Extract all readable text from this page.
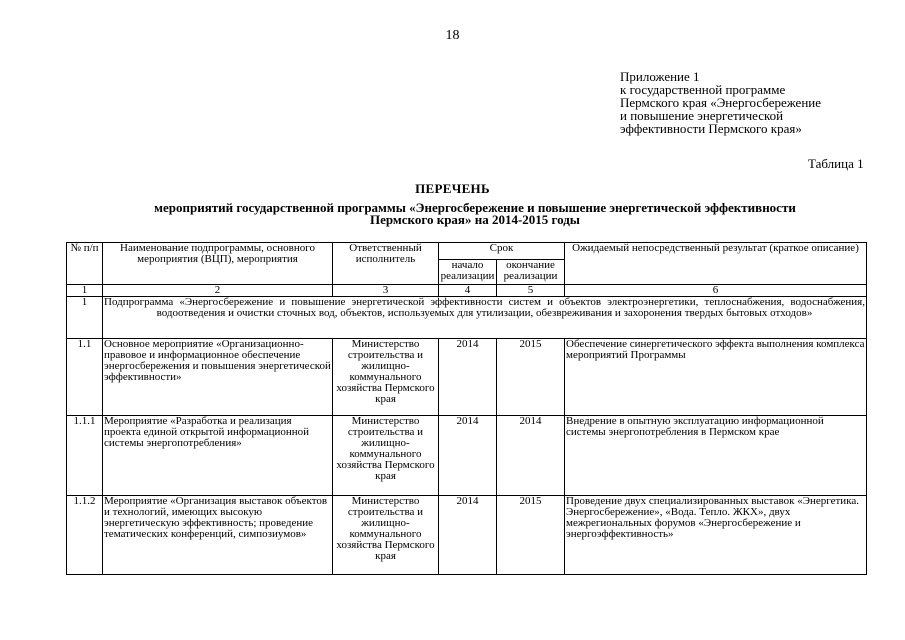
18
Приложение 1
к государственной программе
Пермского края «Энергосбережение
и повышение энергетической
эффективности Пермского края»
Таблица 1
ПЕРЕЧЕНЬ
мероприятий государственной программы «Энергосбережение и повышение энергетической эффективности
Пермского края» на 2014-2015 годы
№ п/п	Наименование подпрограммы, основного мероприятия (ВЦП), мероприятия	Ответственный исполнитель	Срок		Ожидаемый непосредственный результат (краткое описание)
			начало реализации	окончание реализации	
1	2	3	4	5	6
1	Подпрограмма «Энергосбережение и повышение энергетической эффективности систем и объектов электроэнергетики, теплоснабжения, водоснабжения, водоотведения и очистки сточных вод, объектов, используемых для утилизации, обезвреживания и захоронения твердых бытовых отходов»				
1.1	Основное мероприятие «Организационно-правовое и информационное обеспечение энергосбережения и повышения энергетической эффективности»	Министерство строительства и жилищно-коммунального хозяйства Пермского края	2014	2015	Обеспечение синергетического эффекта выполнения комплекса мероприятий Программы
1.1.1	Мероприятие «Разработка и реализация проекта единой открытой информационной системы энергопотребления»	Министерство строительства и жилищно-коммунального хозяйства Пермского края	2014	2014	Внедрение в опытную эксплуатацию информационной системы энергопотребления в Пермском крае
1.1.2	Мероприятие «Организация выставок объектов и технологий, имеющих высокую энергетическую эффективность; проведение тематических конференций, симпозиумов»	Министерство строительства и жилищно-коммунального хозяйства Пермского края	2014	2015	Проведение двух специализированных выставок «Энергетика. Энергосбережение», «Вода. Тепло. ЖКХ», двух межрегиональных форумов «Энергосбережение и энергоэффективность»
